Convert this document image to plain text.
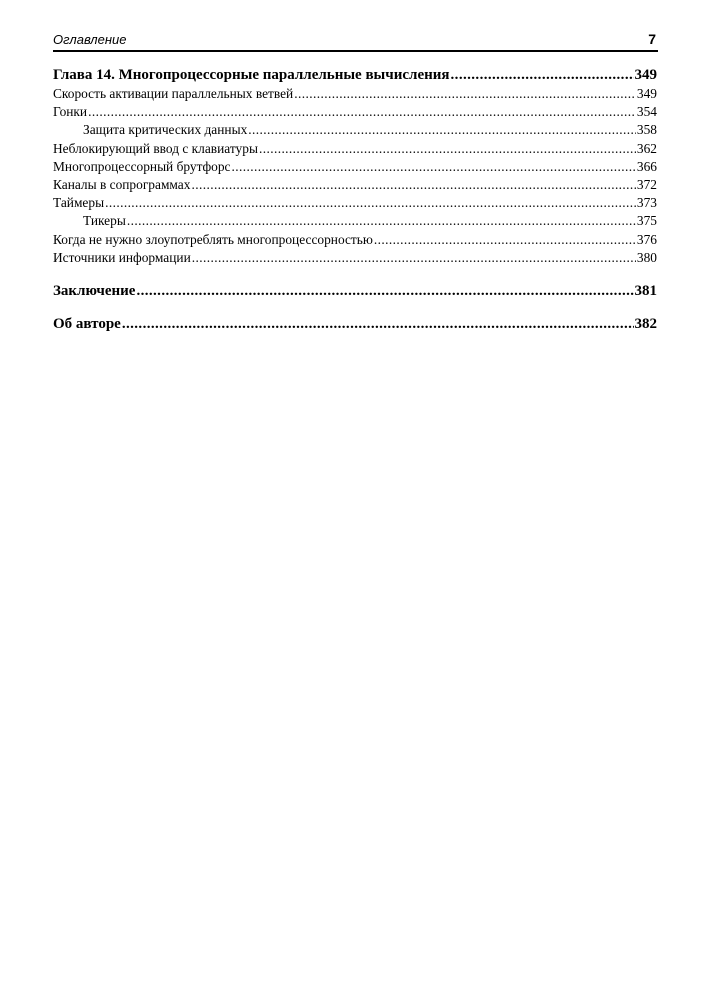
Оглавление	7
Глава 14. Многопроцессорные параллельные вычисления .....	349
Скорость активации параллельных ветвей .....	349
Гонки .....	354
Защита критических данных .....	358
Неблокирующий ввод с клавиатуры .....	362
Многопроцессорный брутфорс .....	366
Каналы в сопрограммах .....	372
Таймеры .....	373
Тикеры .....	375
Когда не нужно злоупотреблять многопроцессорностью .....	376
Источники информации .....	380
Заключение .....	381
Об авторе .....	382
